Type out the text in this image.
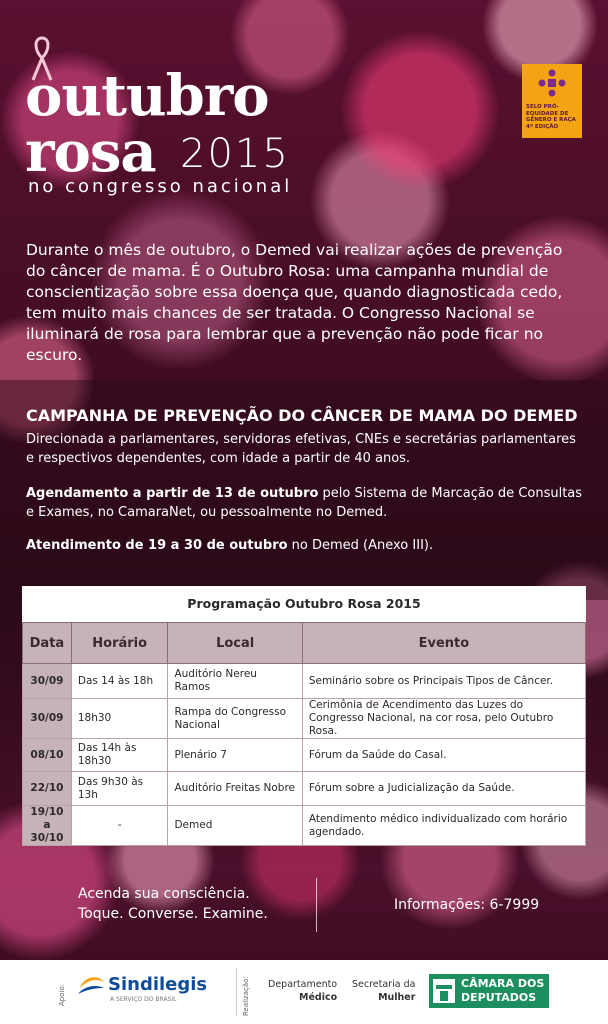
outubro
rosa 2015
no congresso nacional
SELO PRÓ-EQUIDADE DE GÊNERO E RAÇA 4ª EDIÇÃO
Durante o mês de outubro, o Demed vai realizar ações de prevenção do câncer de mama. É o Outubro Rosa: uma campanha mundial de conscientização sobre essa doença que, quando diagnosticada cedo, tem muito mais chances de ser tratada. O Congresso Nacional se iluminará de rosa para lembrar que a prevenção não pode ficar no escuro.
CAMPANHA DE PREVENÇÃO DO CÂNCER DE MAMA DO DEMED
Direcionada a parlamentares, servidoras efetivas, CNEs e secretárias parlamentares e respectivos dependentes, com idade a partir de 40 anos.
Agendamento a partir de 13 de outubro pelo Sistema de Marcação de Consultas e Exames, no CamaraNet, ou pessoalmente no Demed.
Atendimento de 19 a 30 de outubro no Demed (Anexo III).
Programação Outubro Rosa 2015
Data	Horário	Local	Evento
30/09	Das 14 às 18h	Auditório Nereu Ramos	Seminário sobre os Principais Tipos de Câncer.
30/09	18h30	Rampa do Congresso Nacional	Cerimônia de Acendimento das Luzes do Congresso Nacional, na cor rosa, pelo Outubro Rosa.
08/10	Das 14h às 18h30	Plenário 7	Fórum da Saúde do Casal.
22/10	Das 9h30 às 13h	Auditório Freitas Nobre	Fórum sobre a Judicialização da Saúde.
19/10 a 30/10	-	Demed	Atendimento médico individualizado com horário agendado.
Acenda sua consciência.
Toque. Converse. Examine.
Informações: 6-7999
Apoio: Sindilegis
A SERVIÇO DO BRASIL	Realização: Departamento
Médico
Secretaria da
Mulher
CÂMARA DOS
DEPUTADOS
